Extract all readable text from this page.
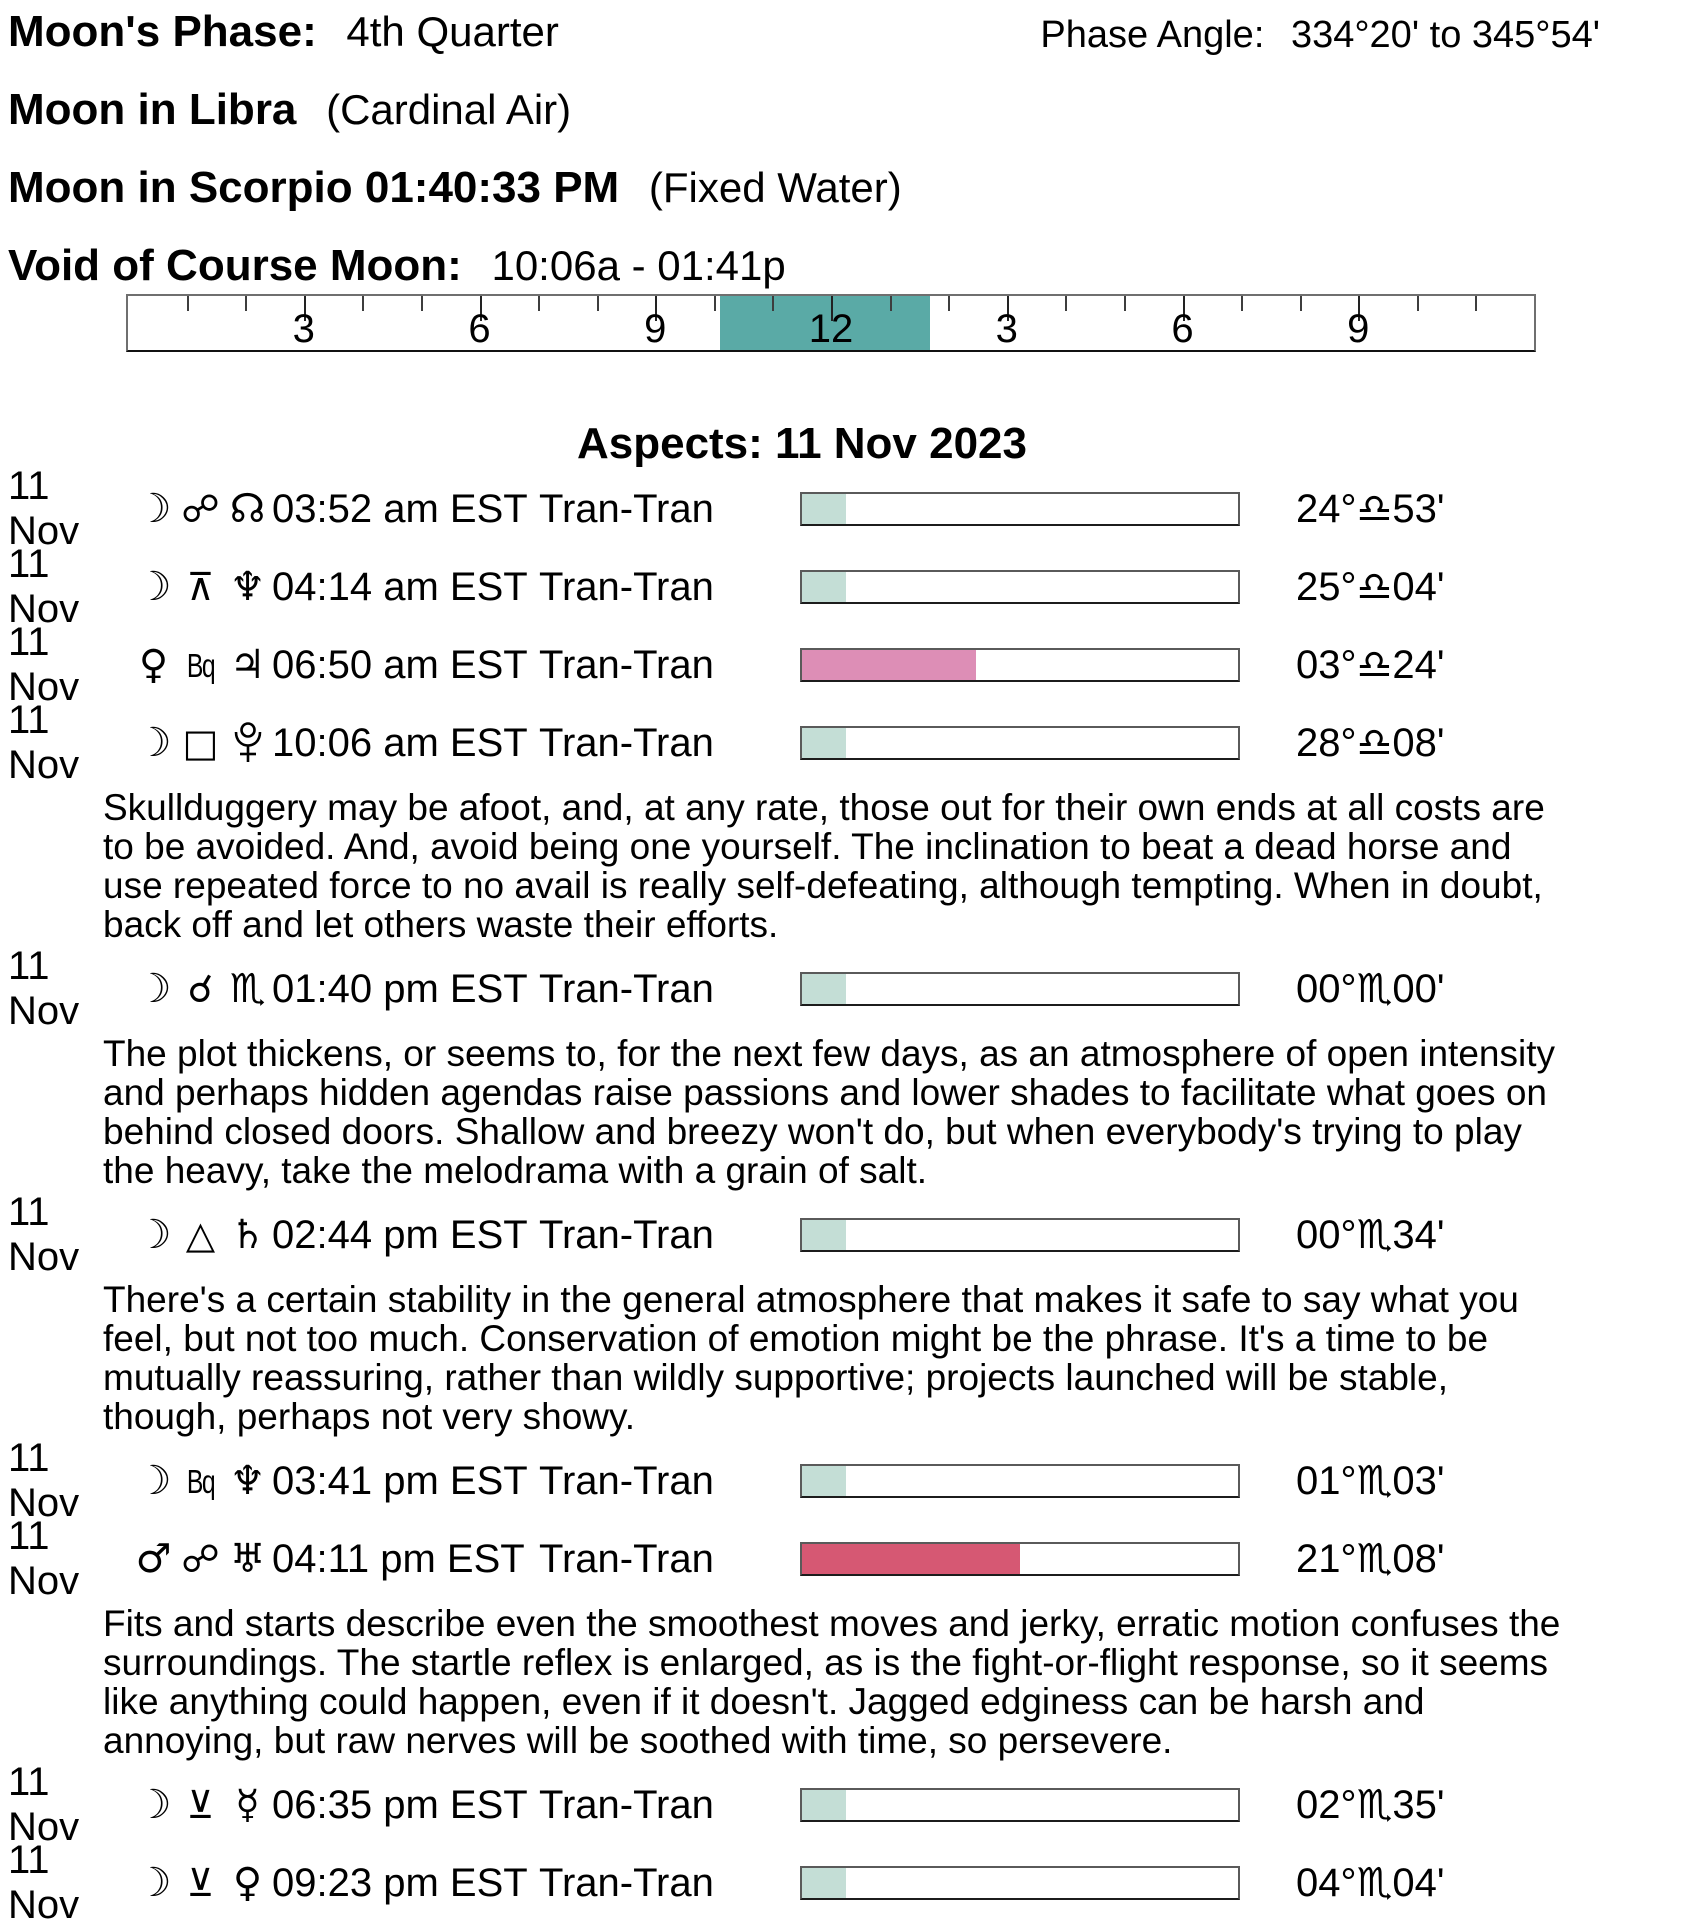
Moon's Phase: 4th Quarter	Phase Angle: 334°20' to 345°54'
Moon in Libra (Cardinal Air)
Moon in Scorpio 01:40:33 PM (Fixed Water)
Void of Course Moon: 10:06a - 01:41p
3	6	9	12	3	6	9
Aspects: 11 Nov 2023
11 Nov	☽ ☍ ☊ 03:52 am EST Tran-Tran	24°♎53'
11 Nov	☽ ⊼ ♆ 04:14 am EST Tran-Tran	25°♎04'
11 Nov	♀ Bq ♃ 06:50 am EST Tran-Tran	03°♎24'
11 Nov	☽ □ 10:06 am EST Tran-Tran	28°♎08'
Skullduggery may be afoot, and, at any rate, those out for their own ends at all costs are to be avoided. And, avoid being one yourself. The inclination to beat a dead horse and use repeated force to no avail is really self-defeating, although tempting. When in doubt, back off and let others waste their efforts.
11 Nov	☽ ☌ ♏ 01:40 pm EST Tran-Tran	00°♏00'
The plot thickens, or seems to, for the next few days, as an atmosphere of open intensity and perhaps hidden agendas raise passions and lower shades to facilitate what goes on behind closed doors. Shallow and breezy won't do, but when everybody's trying to play the heavy, take the melodrama with a grain of salt.
11 Nov	☽ △ ♄ 02:44 pm EST Tran-Tran	00°♏34'
There's a certain stability in the general atmosphere that makes it safe to say what you feel, but not too much. Conservation of emotion might be the phrase. It's a time to be mutually reassuring, rather than wildly supportive; projects launched will be stable, though, perhaps not very showy.
11 Nov	☽ Bq ♆ 03:41 pm EST Tran-Tran	01°♏03'
11 Nov	♂ ☍ ♅ 04:11 pm EST Tran-Tran	21°♏08'
Fits and starts describe even the smoothest moves and jerky, erratic motion confuses the surroundings. The startle reflex is enlarged, as is the fight-or-flight response, so it seems like anything could happen, even if it doesn't. Jagged edginess can be harsh and annoying, but raw nerves will be soothed with time, so persevere.
11 Nov	☽ ⊻ ☿ 06:35 pm EST Tran-Tran	02°♏35'
11 Nov	☽ ⊻ ♀ 09:23 pm EST Tran-Tran	04°♏04'
